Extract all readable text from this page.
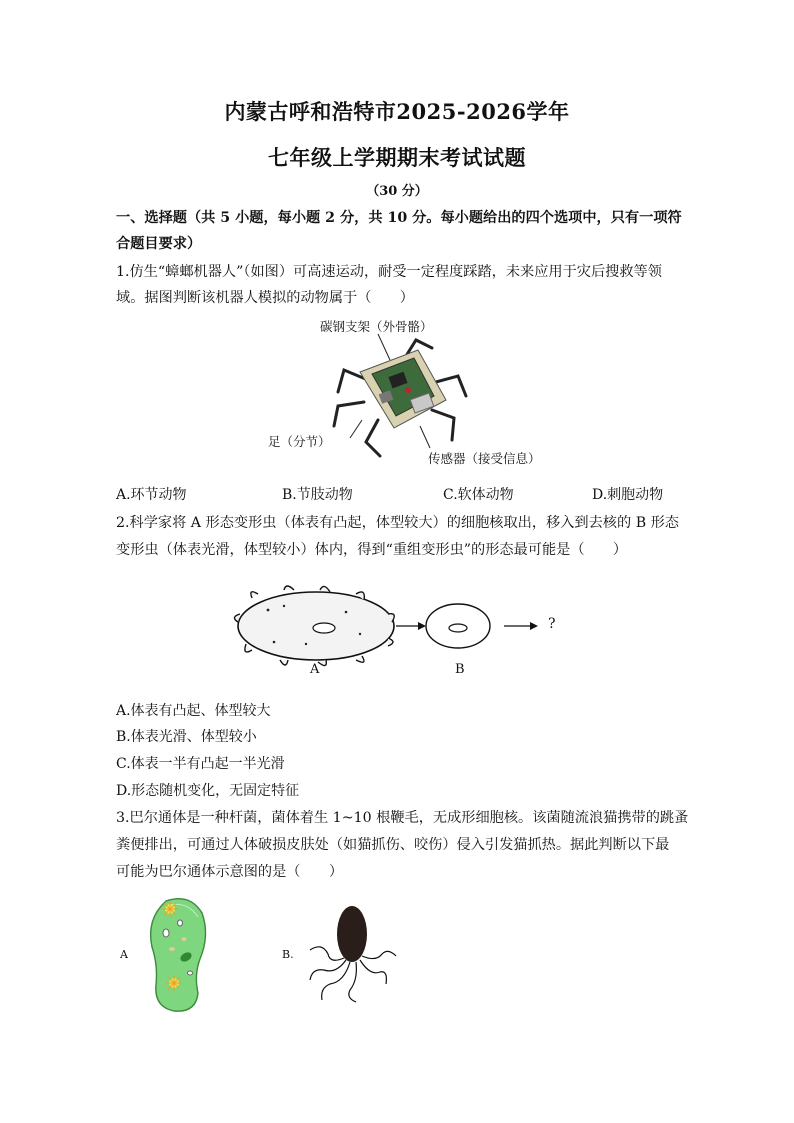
内蒙古呼和浩特市2025-2026学年
七年级上学期期末考试试题
（30 分）
一、选择题（共 5 小题，每小题 2 分，共 10 分。每小题给出的四个选项中，只有一项符
合题目要求）
1.仿生“蟑螂机器人”（如图）可高速运动，耐受一定程度踩踏，未来应用于灾后搜救等领
域。据图判断该机器人模拟的动物属于（　　）
碳钢支架（外骨骼）
足（分节）
传感器（接受信息）
A.环节动物	B.节肢动物	C.软体动物	D.刺胞动物
2.科学家将 A 形态变形虫（体表有凸起，体型较大）的细胞核取出，移入到去核的 B 形态
变形虫（体表光滑，体型较小）体内，得到“重组变形虫”的形态最可能是（　　）
?
A	B
A.体表有凸起、体型较大
B.体表光滑、体型较小
C.体表一半有凸起一半光滑
D.形态随机变化，无固定特征
3.巴尔通体是一种杆菌，菌体着生 1~10 根鞭毛，无成形细胞核。该菌随流浪猫携带的跳蚤
粪便排出，可通过人体破损皮肤处（如猫抓伤、咬伤）侵入引发猫抓热。据此判断以下最
可能为巴尔通体示意图的是（　　）
A	B.
